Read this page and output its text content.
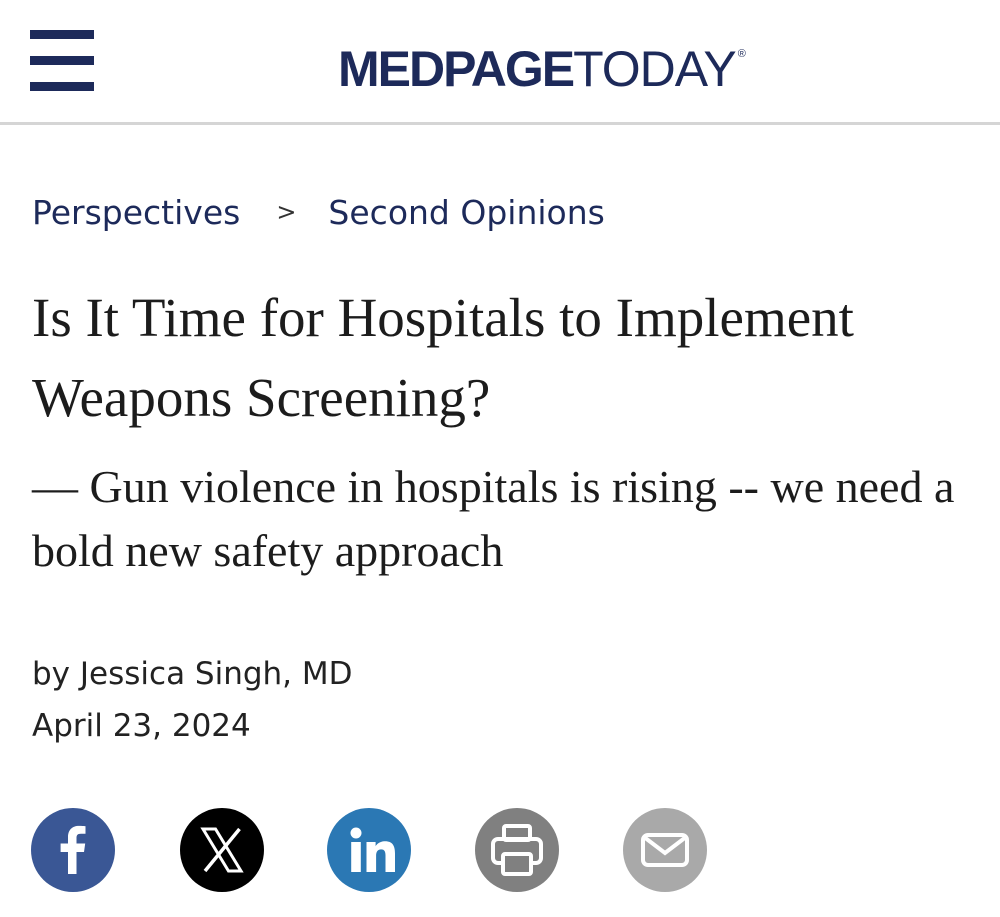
MEDPAGE TODAY ®
Perspectives > Second Opinions
Is It Time for Hospitals to Implement Weapons Screening?

— Gun violence in hospitals is rising -- we need a bold new safety approach

by Jessica Singh, MD
April 23, 2024
